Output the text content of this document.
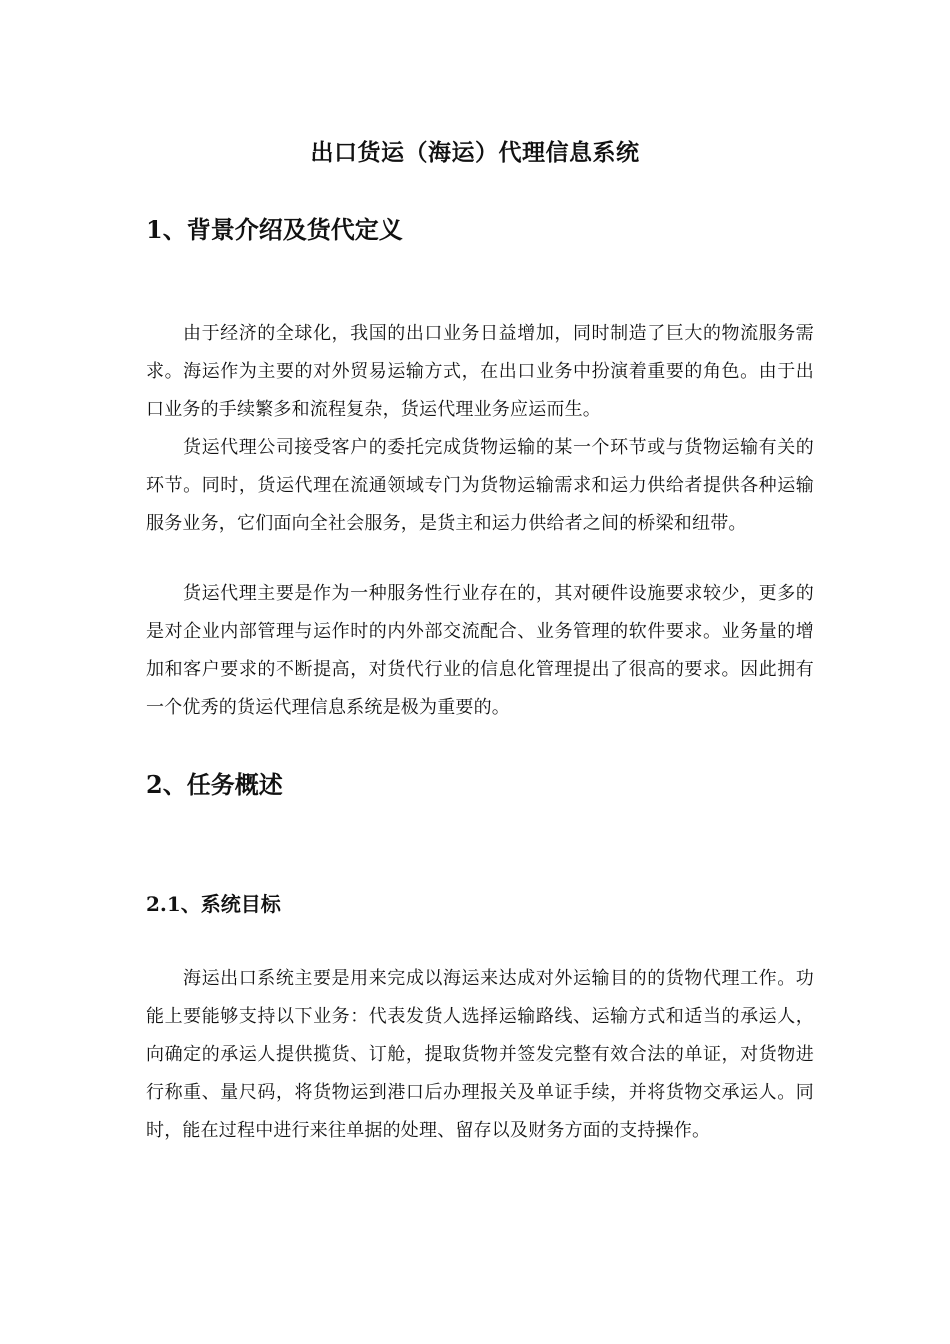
出口货运（海运）代理信息系统
1、背景介绍及货代定义

由于经济的全球化，我国的出口业务日益增加，同时制造了巨大的物流服务需求。海运作为主要的对外贸易运输方式，在出口业务中扮演着重要的角色。由于出口业务的手续繁多和流程复杂，货运代理业务应运而生。

货运代理公司接受客户的委托完成货物运输的某一个环节或与货物运输有关的环节。同时，货运代理在流通领域专门为货物运输需求和运力供给者提供各种运输服务业务，它们面向全社会服务，是货主和运力供给者之间的桥梁和纽带。

货运代理主要是作为一种服务性行业存在的，其对硬件设施要求较少，更多的是对企业内部管理与运作时的内外部交流配合、业务管理的软件要求。业务量的增加和客户要求的不断提高，对货代行业的信息化管理提出了很高的要求。因此拥有一个优秀的货运代理信息系统是极为重要的。

2、任务概述
2.1、系统目标

海运出口系统主要是用来完成以海运来达成对外运输目的的货物代理工作。功能上要能够支持以下业务：代表发货人选择运输路线、运输方式和适当的承运人，向确定的承运人提供揽货、订舱，提取货物并签发完整有效合法的单证，对货物进行称重、量尺码，将货物运到港口后办理报关及单证手续，并将货物交承运人。同时，能在过程中进行来往单据的处理、留存以及财务方面的支持操作。
